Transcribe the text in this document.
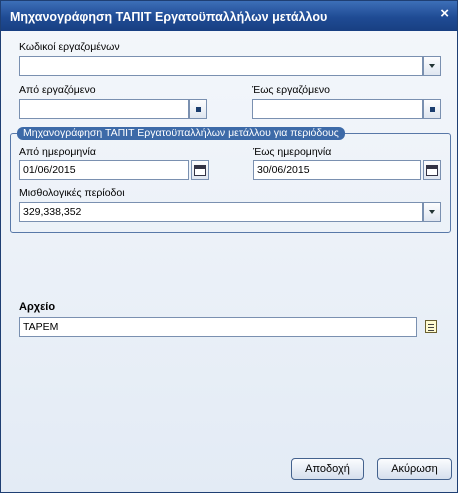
Μηχανογράφηση ΤΑΠΙΤ Εργατοϋπαλλήλων μετάλλου	×
Κωδικοί εργαζομένων
Από εργαζόμενο	Έως εργαζόμενο
Μηχανογράφηση ΤΑΠΙΤ Εργατοϋπαλλήλων μετάλλου για περιόδους
Από ημερομηνία
01/06/2015
Έως ημερομηνία
30/06/2015
Μισθολογικές περίοδοι
329,338,352
Αρχείο
ΤΑΡΕΜ
Αποδοχή	Ακύρωση
